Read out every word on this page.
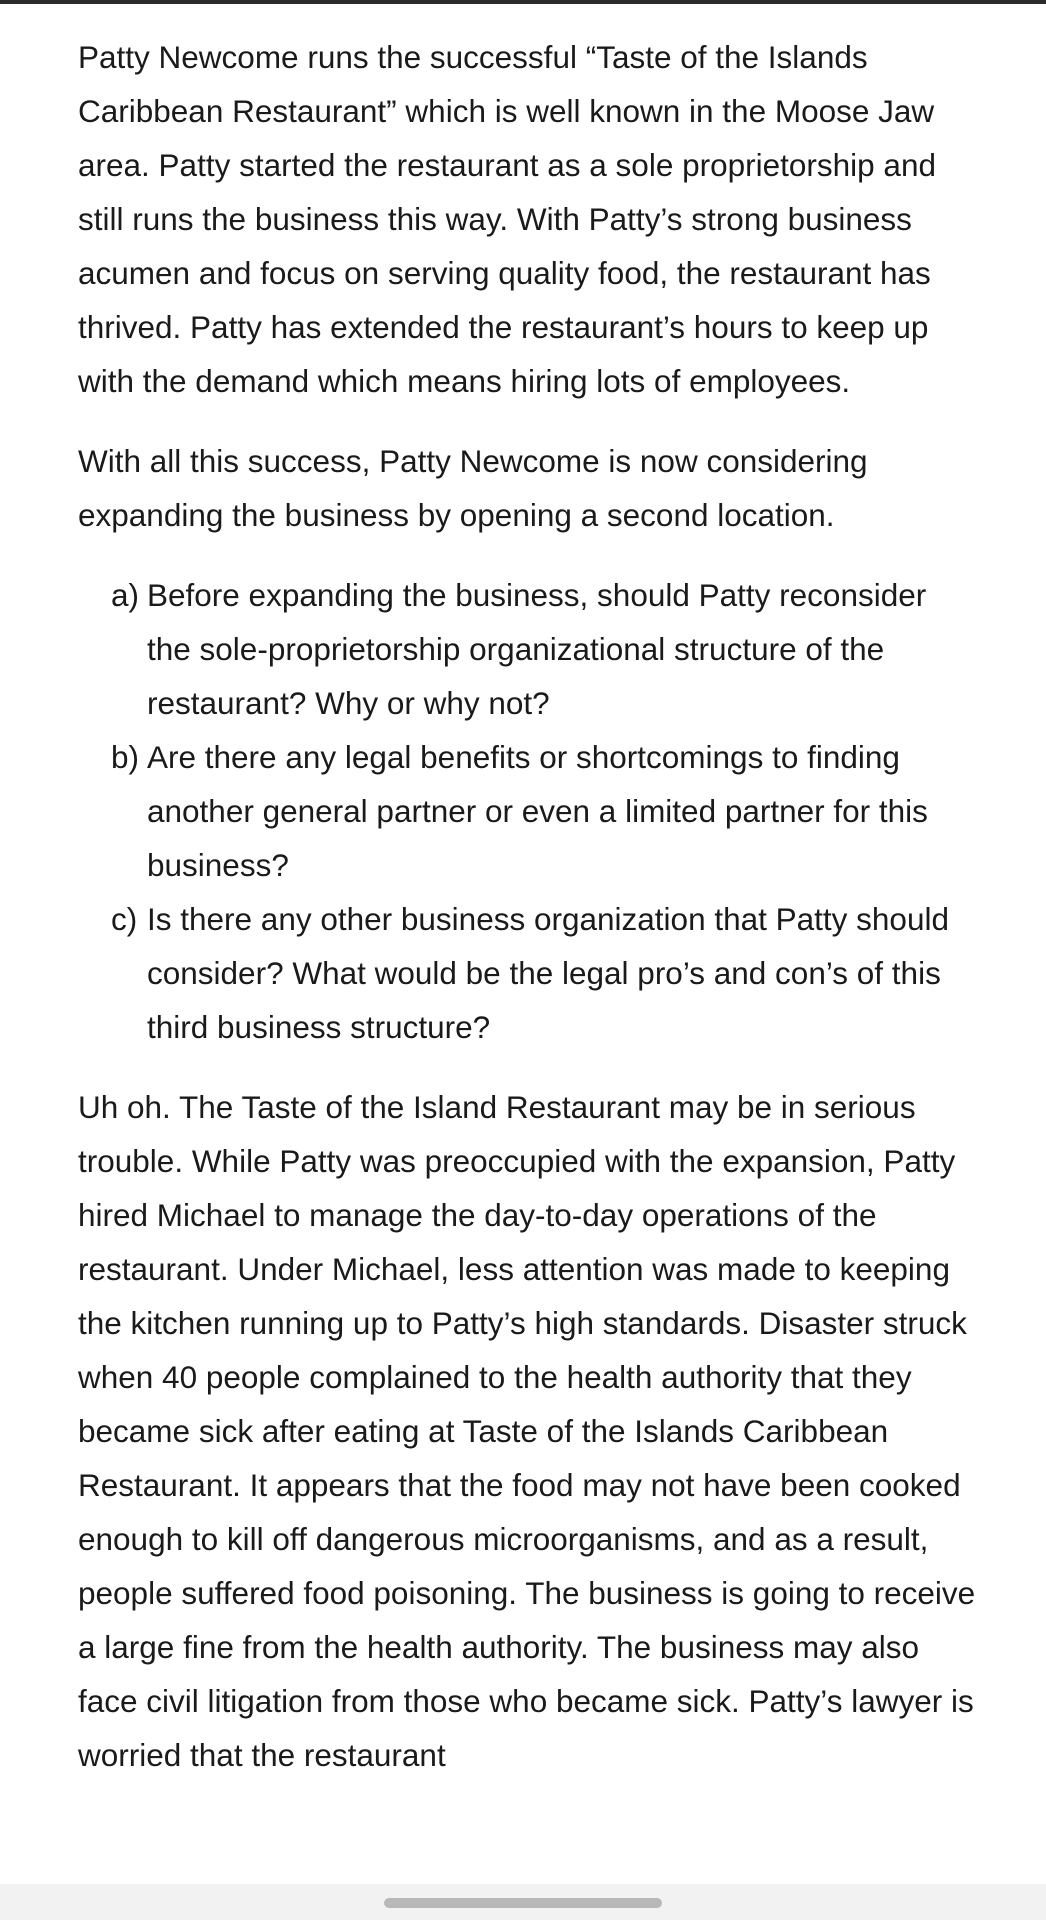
Patty Newcome runs the successful “Taste of the Islands Caribbean Restaurant” which is well known in the Moose Jaw area. Patty started the restaurant as a sole proprietorship and still runs the business this way. With Patty’s strong business acumen and focus on serving quality food, the restaurant has thrived. Patty has extended the restaurant’s hours to keep up with the demand which means hiring lots of employees.

With all this success, Patty Newcome is now considering expanding the business by opening a second location.

a) Before expanding the business, should Patty reconsider the sole-proprietorship organizational structure of the restaurant? Why or why not?
b) Are there any legal benefits or shortcomings to finding another general partner or even a limited partner for this business?
c) Is there any other business organization that Patty should consider? What would be the legal pro’s and con’s of this third business structure?

Uh oh. The Taste of the Island Restaurant may be in serious trouble. While Patty was preoccupied with the expansion, Patty hired Michael to manage the day-to-day operations of the restaurant. Under Michael, less attention was made to keeping the kitchen running up to Patty’s high standards. Disaster struck when 40 people complained to the health authority that they became sick after eating at Taste of the Islands Caribbean Restaurant. It appears that the food may not have been cooked enough to kill off dangerous microorganisms, and as a result, people suffered food poisoning. The business is going to receive a large fine from the health authority. The business may also face civil litigation from those who became sick. Patty’s lawyer is worried that the restaurant
